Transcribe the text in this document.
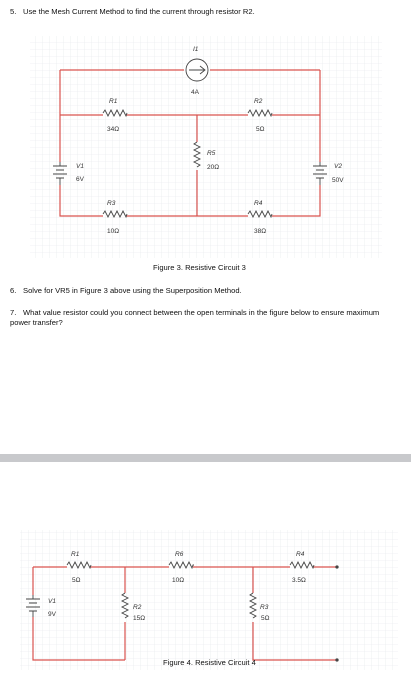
5. Use the Mesh Current Method to find the current through resistor R2.
I1
4A
R1
34Ω
R2
5Ω
R3
10Ω
R4
38Ω
R5
20Ω
V1
6V
V2
50V
R1
5Ω
R6
10Ω
R4
3.5Ω
R2
15Ω
R3
5Ω
V1
9V
Figure 3. Resistive Circuit 3
6. Solve for VR5 in Figure 3 above using the Superposition Method.
7. What value resistor could you connect between the open terminals in the figure below to ensure maximum power transfer?
Figure 4. Resistive Circuit 4
